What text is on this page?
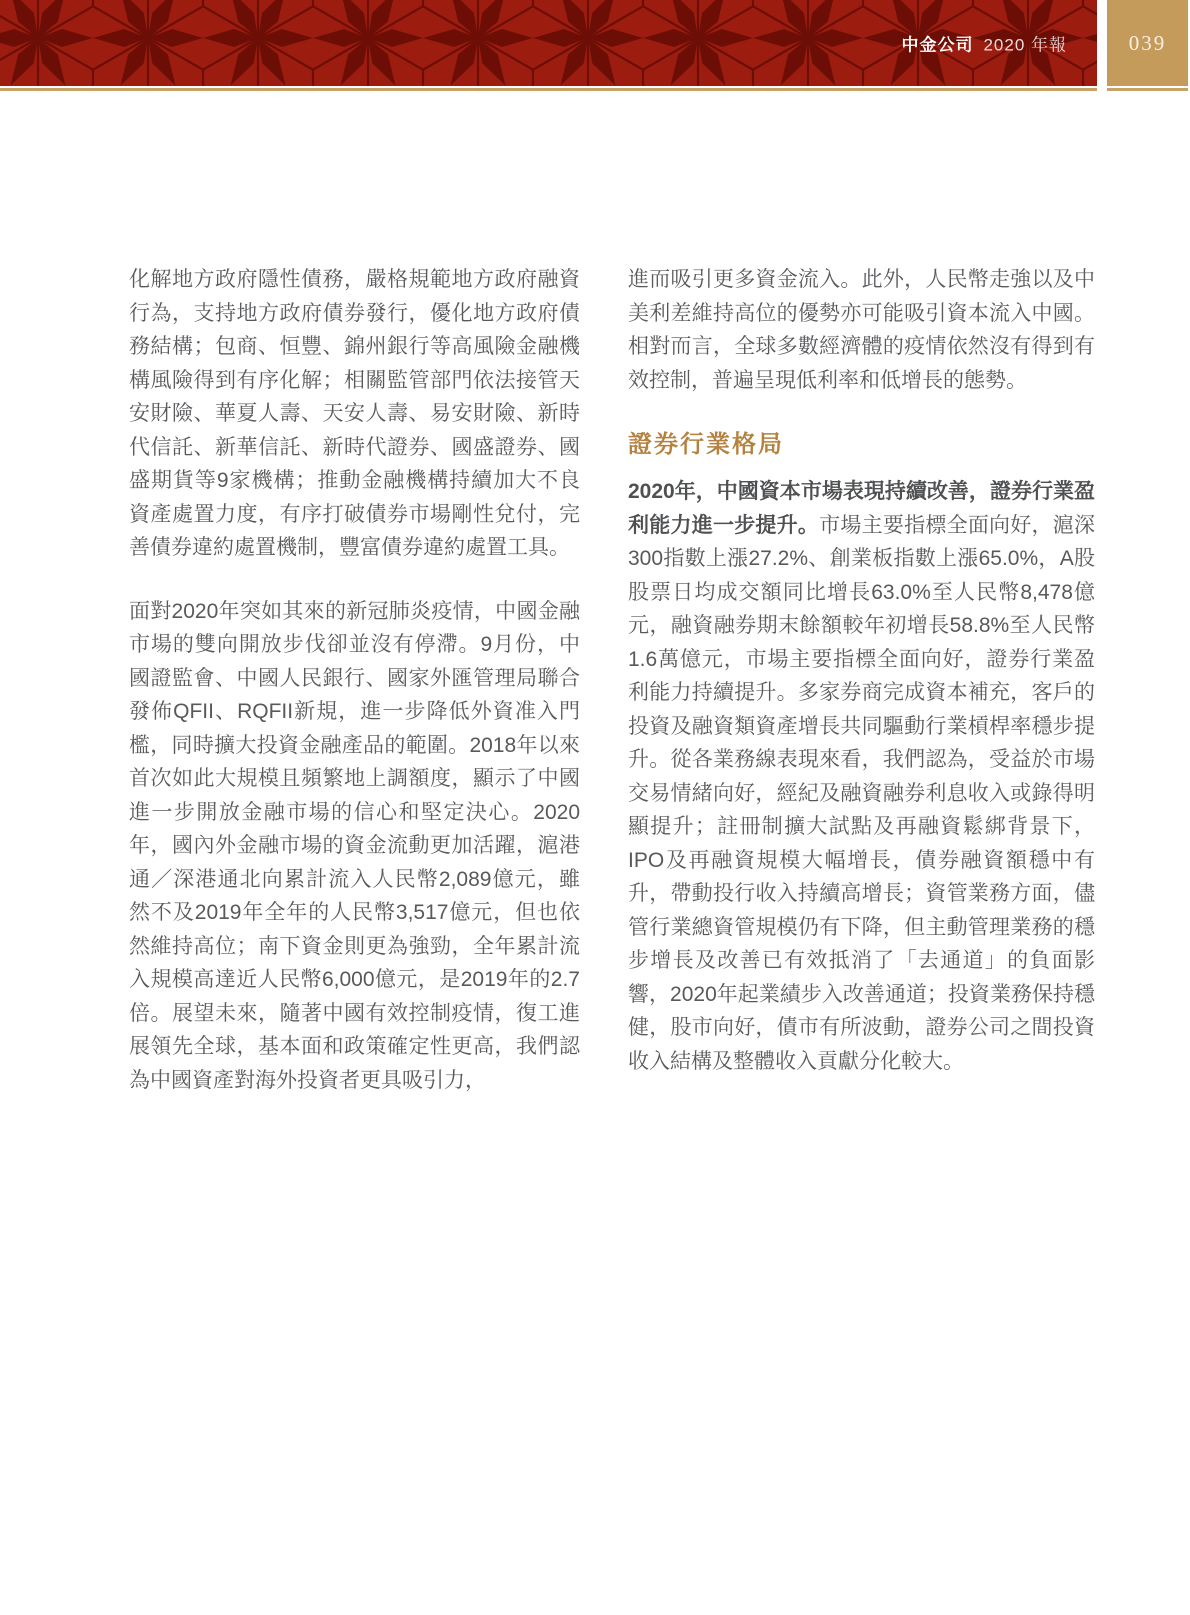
中金公司 2020 年報	039

化解地方政府隱性債務，嚴格規範地方政府融資行為，支持地方政府債券發行，優化地方政府債務結構；包商、恒豐、錦州銀行等高風險金融機構風險得到有序化解；相關監管部門依法接管天安財險、華夏人壽、天安人壽、易安財險、新時代信託、新華信託、新時代證券、國盛證券、國盛期貨等9家機構；推動金融機構持續加大不良資產處置力度，有序打破債券市場剛性兌付，完善債券違約處置機制，豐富債券違約處置工具。

面對2020年突如其來的新冠肺炎疫情，中國金融市場的雙向開放步伐卻並沒有停滯。9月份，中國證監會、中國人民銀行、國家外匯管理局聯合發佈QFII、RQFII新規，進一步降低外資准入門檻，同時擴大投資金融產品的範圍。2018年以來首次如此大規模且頻繁地上調額度，顯示了中國進一步開放金融市場的信心和堅定決心。2020年，國內外金融市場的資金流動更加活躍，滬港通／深港通北向累計流入人民幣2,089億元，雖然不及2019年全年的人民幣3,517億元，但也依然維持高位；南下資金則更為強勁，全年累計流入規模高達近人民幣6,000億元，是2019年的2.7倍。展望未來，隨著中國有效控制疫情，復工進展領先全球，基本面和政策確定性更高，我們認為中國資產對海外投資者更具吸引力，

進而吸引更多資金流入。此外，人民幣走強以及中美利差維持高位的優勢亦可能吸引資本流入中國。相對而言，全球多數經濟體的疫情依然沒有得到有效控制，普遍呈現低利率和低增長的態勢。

證券行業格局

2020年，中國資本市場表現持續改善，證券行業盈利能力進一步提升。市場主要指標全面向好，滬深300指數上漲27.2%、創業板指數上漲65.0%，A股股票日均成交額同比增長63.0%至人民幣8,478億元，融資融券期末餘額較年初增長58.8%至人民幣1.6萬億元，市場主要指標全面向好，證券行業盈利能力持續提升。多家券商完成資本補充，客戶的投資及融資類資產增長共同驅動行業槓桿率穩步提升。從各業務線表現來看，我們認為，受益於市場交易情緒向好，經紀及融資融券利息收入或錄得明顯提升；註冊制擴大試點及再融資鬆綁背景下，IPO及再融資規模大幅增長，債券融資額穩中有升，帶動投行收入持續高增長；資管業務方面，儘管行業總資管規模仍有下降，但主動管理業務的穩步增長及改善已有效抵消了「去通道」的負面影響，2020年起業績步入改善通道；投資業務保持穩健，股市向好，債市有所波動，證券公司之間投資收入結構及整體收入貢獻分化較大。
